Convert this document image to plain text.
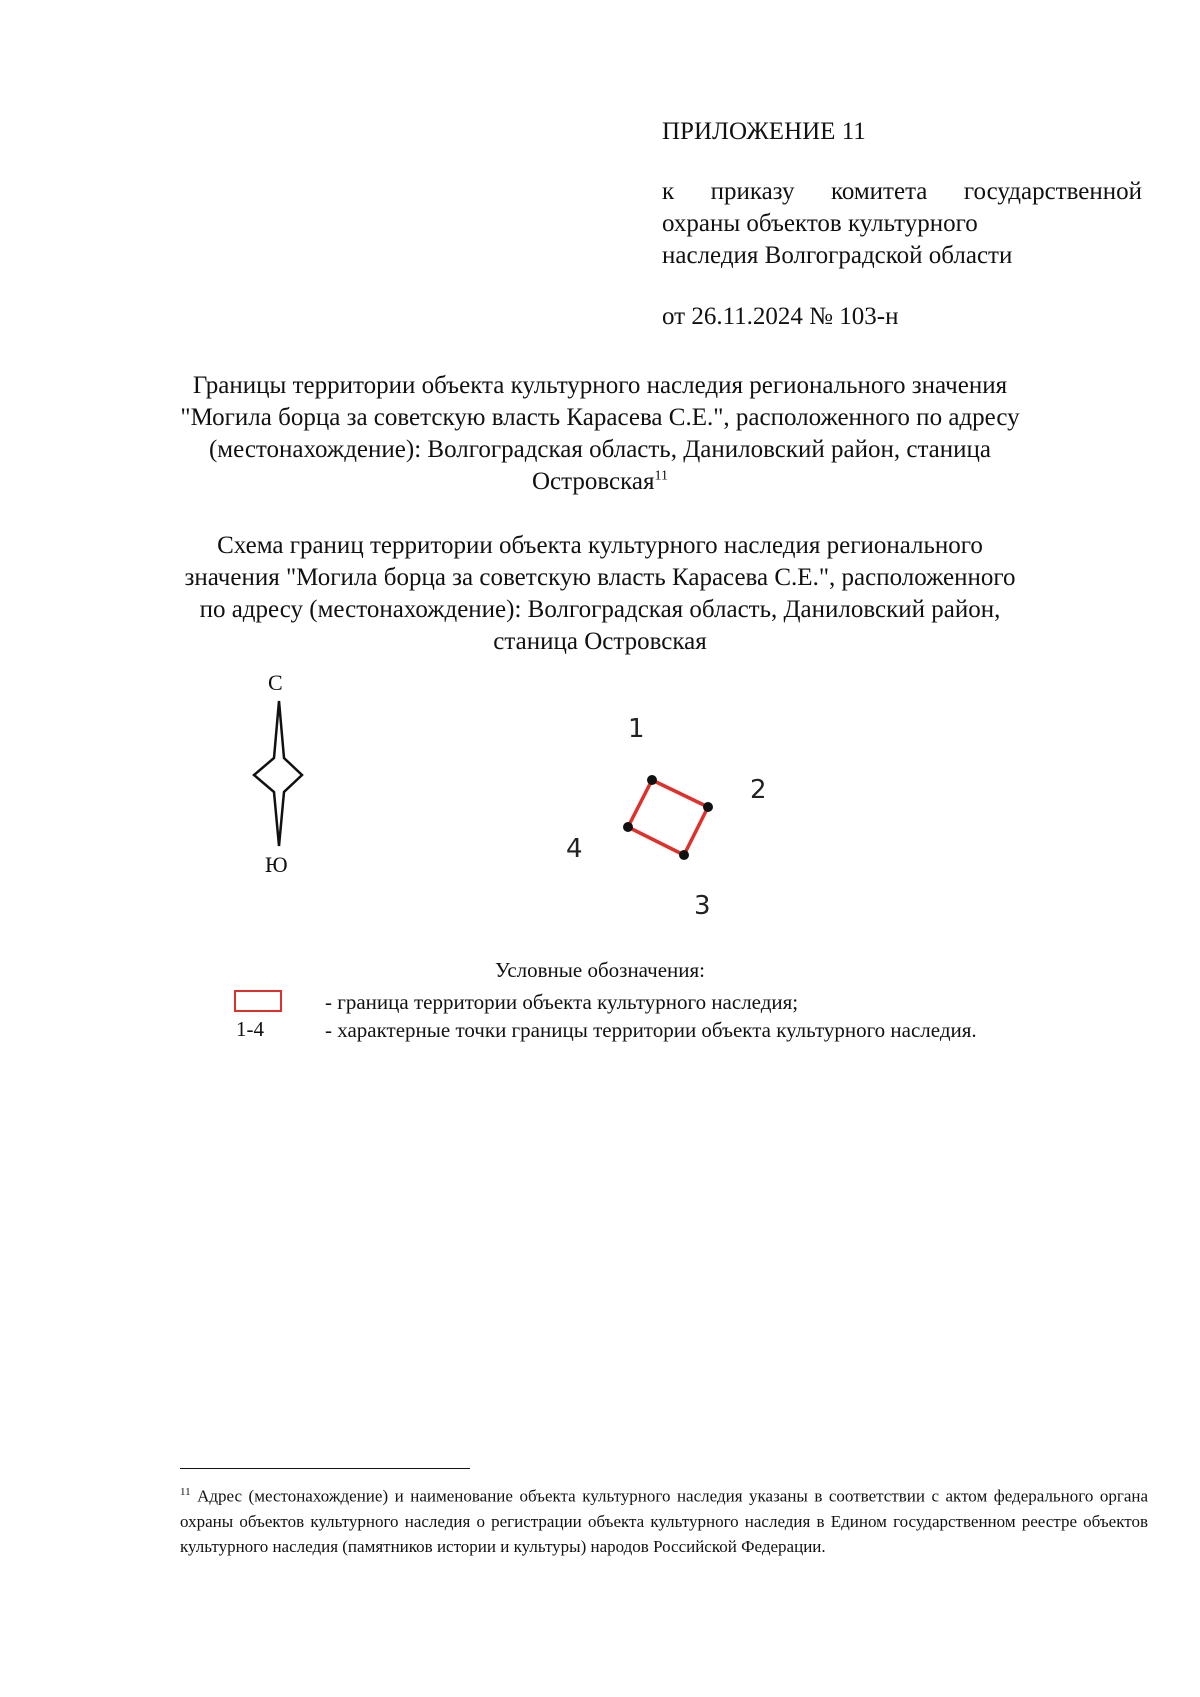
ПРИЛОЖЕНИЕ 11
к приказу комитета государственной
охраны объектов культурного
наследия Волгоградской области
от 26.11.2024 № 103-н

Границы территории объекта культурного наследия регионального значения

"Могила борца за советскую власть Карасева С.Е.", расположенного по адресу

(местонахождение): Волгоградская область, Даниловский район, станица

Островская$^{11}$

Схема границ территории объекта культурного наследия регионального

значения "Могила борца за советскую власть Карасева С.Е.", расположенного

по адресу (местонахождение): Волгоградская область, Даниловский район,

станица Островская

С
Ю
1
2
3
4
Условные обозначения:
- граница территории объекта культурного наследия;
1-4	- характерные точки границы территории объекта культурного наследия.
$^{11}$ Адрес (местонахождение) и наименование объекта культурного наследия указаны в соответствии с актом федерального органа охраны объектов культурного наследия о регистрации объекта культурного наследия в Едином государственном реестре объектов культурного наследия (памятников истории и культуры) народов Российской Федерации.
